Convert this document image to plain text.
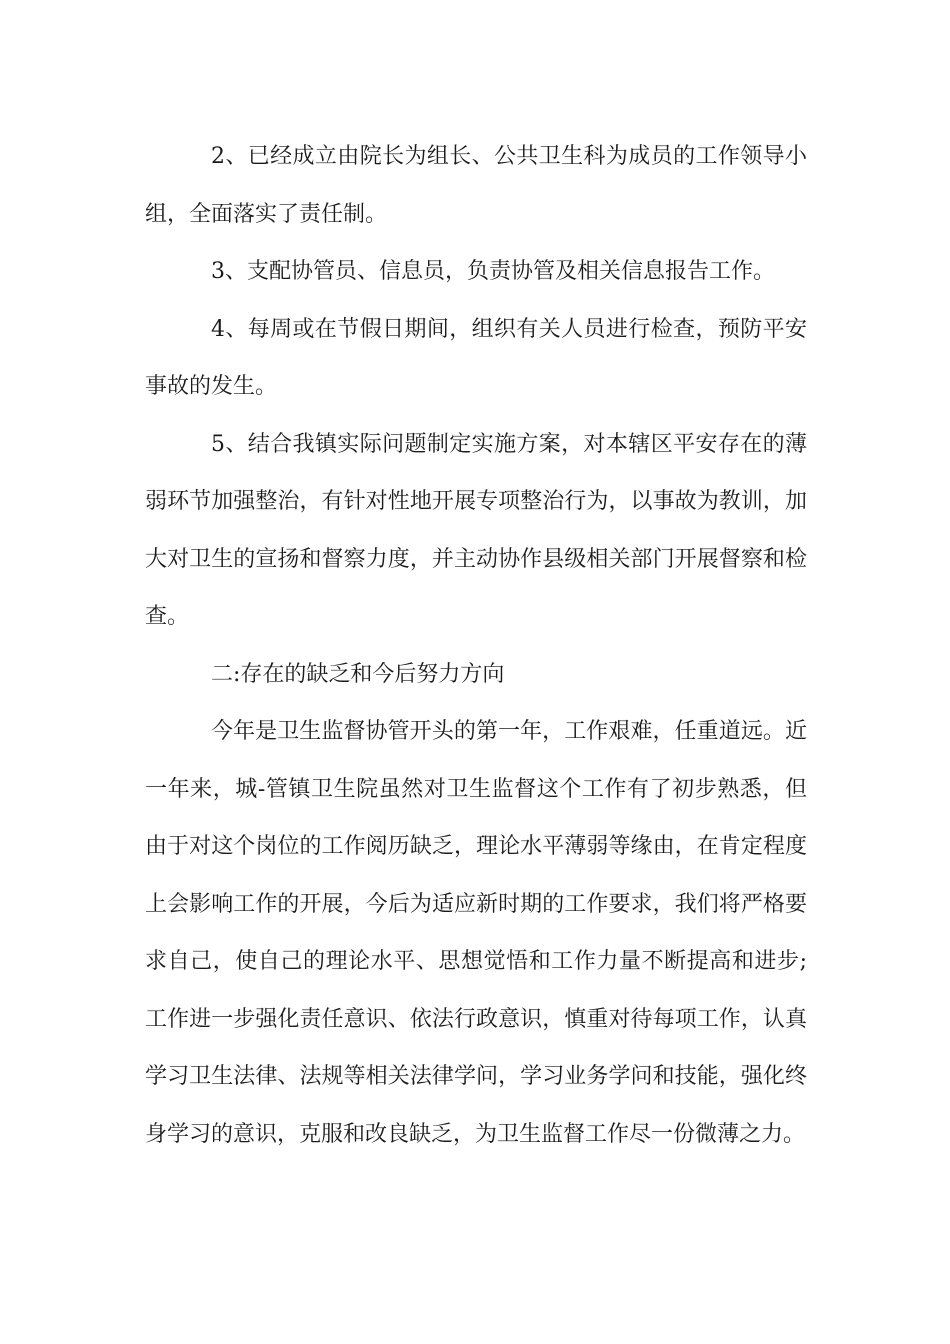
2、已经成立由院长为组长、公共卫生科为成员的工作领导小组，全面落实了责任制。

3、支配协管员、信息员，负责协管及相关信息报告工作。

4、每周或在节假日期间，组织有关人员进行检查，预防平安事故的发生。

5、结合我镇实际问题制定实施方案，对本辖区平安存在的薄弱环节加强整治，有针对性地开展专项整治行为，以事故为教训，加大对卫生的宣扬和督察力度，并主动协作县级相关部门开展督察和检查。

二:存在的缺乏和今后努力方向

今年是卫生监督协管开头的第一年，工作艰难，任重道远。近一年来，城-管镇卫生院虽然对卫生监督这个工作有了初步熟悉，但由于对这个岗位的工作阅历缺乏，理论水平薄弱等缘由，在肯定程度上会影响工作的开展，今后为适应新时期的工作要求，我们将严格要求自己，使自己的理论水平、思想觉悟和工作力量不断提高和进步;工作进一步强化责任意识、依法行政意识，慎重对待每项工作，认真学习卫生法律、法规等相关法律学问，学习业务学问和技能，强化终身学习的意识，克服和改良缺乏，为卫生监督工作尽一份微薄之力。
